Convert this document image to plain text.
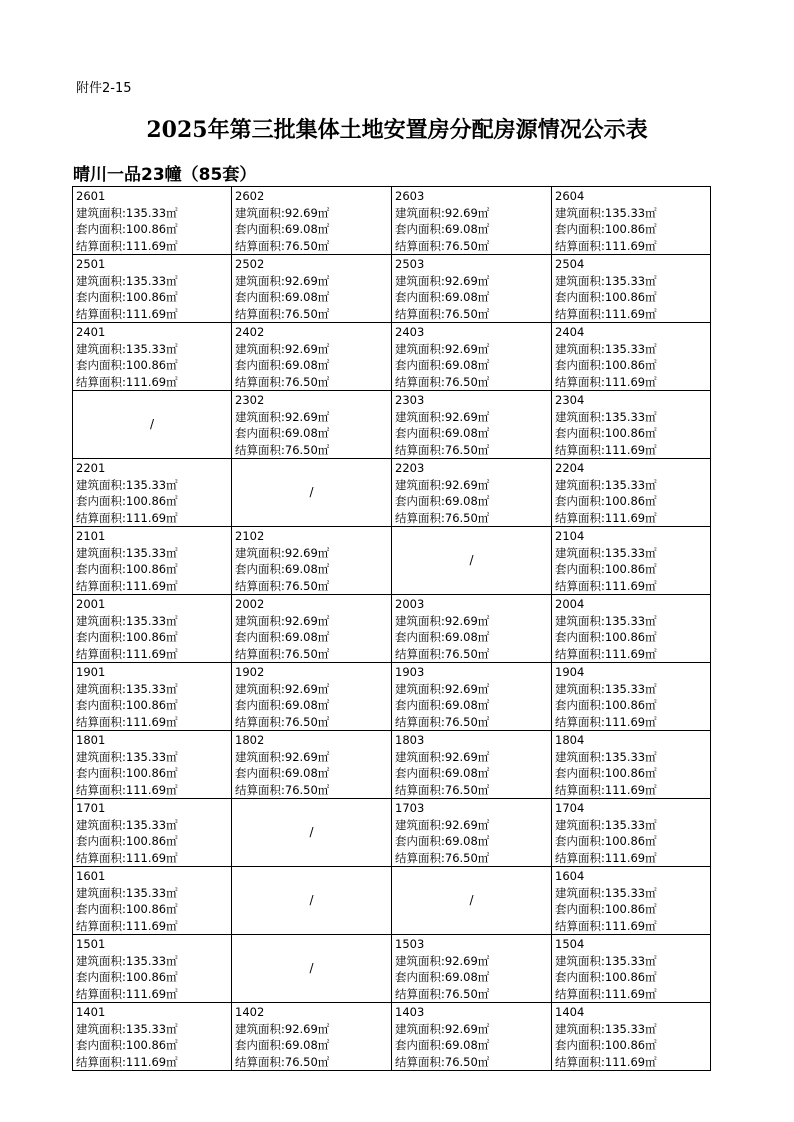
附件2-15
2025年第三批集体土地安置房分配房源情况公示表
晴川一品23幢（85套）
2601
建筑面积:135.33㎡
套内面积:100.86㎡
结算面积:111.69㎡	2602
建筑面积:92.69㎡
套内面积:69.08㎡
结算面积:76.50㎡	2603
建筑面积:92.69㎡
套内面积:69.08㎡
结算面积:76.50㎡	2604
建筑面积:135.33㎡
套内面积:100.86㎡
结算面积:111.69㎡

2501
建筑面积:135.33㎡
套内面积:100.86㎡
结算面积:111.69㎡	2502
建筑面积:92.69㎡
套内面积:69.08㎡
结算面积:76.50㎡	2503
建筑面积:92.69㎡
套内面积:69.08㎡
结算面积:76.50㎡	2504
建筑面积:135.33㎡
套内面积:100.86㎡
结算面积:111.69㎡

2401
建筑面积:135.33㎡
套内面积:100.86㎡
结算面积:111.69㎡	2402
建筑面积:92.69㎡
套内面积:69.08㎡
结算面积:76.50㎡	2403
建筑面积:92.69㎡
套内面积:69.08㎡
结算面积:76.50㎡	2404
建筑面积:135.33㎡
套内面积:100.86㎡
结算面积:111.69㎡

/	2302
建筑面积:92.69㎡
套内面积:69.08㎡
结算面积:76.50㎡	2303
建筑面积:92.69㎡
套内面积:69.08㎡
结算面积:76.50㎡	2304
建筑面积:135.33㎡
套内面积:100.86㎡
结算面积:111.69㎡

2201
建筑面积:135.33㎡
套内面积:100.86㎡
结算面积:111.69㎡	/	2203
建筑面积:92.69㎡
套内面积:69.08㎡
结算面积:76.50㎡	2204
建筑面积:135.33㎡
套内面积:100.86㎡
结算面积:111.69㎡

2101
建筑面积:135.33㎡
套内面积:100.86㎡
结算面积:111.69㎡	2102
建筑面积:92.69㎡
套内面积:69.08㎡
结算面积:76.50㎡	/	2104
建筑面积:135.33㎡
套内面积:100.86㎡
结算面积:111.69㎡

2001
建筑面积:135.33㎡
套内面积:100.86㎡
结算面积:111.69㎡	2002
建筑面积:92.69㎡
套内面积:69.08㎡
结算面积:76.50㎡	2003
建筑面积:92.69㎡
套内面积:69.08㎡
结算面积:76.50㎡	2004
建筑面积:135.33㎡
套内面积:100.86㎡
结算面积:111.69㎡

1901
建筑面积:135.33㎡
套内面积:100.86㎡
结算面积:111.69㎡	1902
建筑面积:92.69㎡
套内面积:69.08㎡
结算面积:76.50㎡	1903
建筑面积:92.69㎡
套内面积:69.08㎡
结算面积:76.50㎡	1904
建筑面积:135.33㎡
套内面积:100.86㎡
结算面积:111.69㎡

1801
建筑面积:135.33㎡
套内面积:100.86㎡
结算面积:111.69㎡	1802
建筑面积:92.69㎡
套内面积:69.08㎡
结算面积:76.50㎡	1803
建筑面积:92.69㎡
套内面积:69.08㎡
结算面积:76.50㎡	1804
建筑面积:135.33㎡
套内面积:100.86㎡
结算面积:111.69㎡

1701
建筑面积:135.33㎡
套内面积:100.86㎡
结算面积:111.69㎡	/	1703
建筑面积:92.69㎡
套内面积:69.08㎡
结算面积:76.50㎡	1704
建筑面积:135.33㎡
套内面积:100.86㎡
结算面积:111.69㎡

1601
建筑面积:135.33㎡
套内面积:100.86㎡
结算面积:111.69㎡	/	/	1604
建筑面积:135.33㎡
套内面积:100.86㎡
结算面积:111.69㎡

1501
建筑面积:135.33㎡
套内面积:100.86㎡
结算面积:111.69㎡	/	1503
建筑面积:92.69㎡
套内面积:69.08㎡
结算面积:76.50㎡	1504
建筑面积:135.33㎡
套内面积:100.86㎡
结算面积:111.69㎡

1401
建筑面积:135.33㎡
套内面积:100.86㎡
结算面积:111.69㎡	1402
建筑面积:92.69㎡
套内面积:69.08㎡
结算面积:76.50㎡	1403
建筑面积:92.69㎡
套内面积:69.08㎡
结算面积:76.50㎡	1404
建筑面积:135.33㎡
套内面积:100.86㎡
结算面积:111.69㎡
